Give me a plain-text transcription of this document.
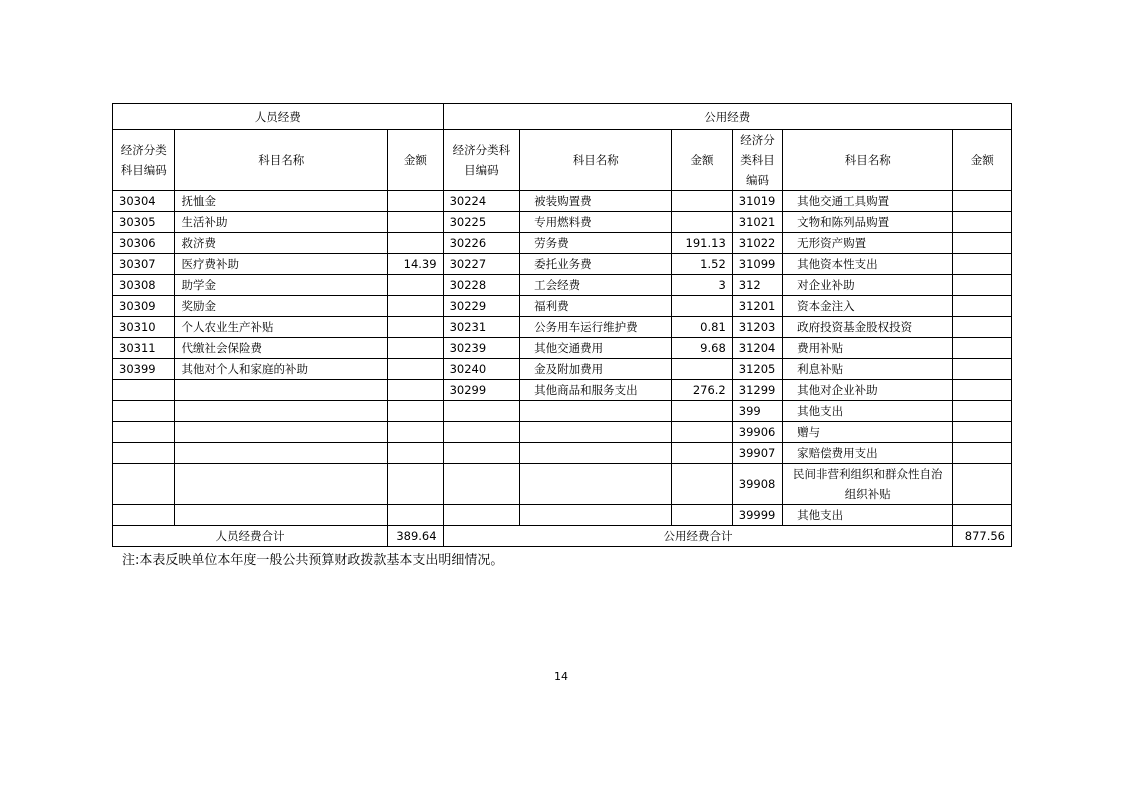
人员经费			公用经费					
经济分类 科目编码	科目名称	金额	经济分类科目编码	科目名称	金额	经济分类科目编码	科目名称	金额
30304	抚恤金		30224	被装购置费		31019	其他交通工具购置	
30305	生活补助		30225	专用燃料费		31021	文物和陈列品购置	
30306	救济费		30226	劳务费	191.13	31022	无形资产购置	
30307	医疗费补助	14.39	30227	委托业务费	1.52	31099	其他资本性支出	
30308	助学金		30228	工会经费	3	312	对企业补助	
30309	奖励金		30229	福利费		31201	资本金注入	
30310	个人农业生产补贴		30231	公务用车运行维护费	0.81	31203	政府投资基金股权投资	
30311	代缴社会保险费		30239	其他交通费用	9.68	31204	费用补贴	
30399	其他对个人和家庭的补助		30240	金及附加费用		31205	利息补贴	
			30299	其他商品和服务支出	276.2	31299	其他对企业补助	
						399	其他支出	
						39906	赠与	
						39907	家赔偿费用支出	
						39908	民间非营利组织和群众性自治组织补贴	
						39999	其他支出	
人员经费合计		389.64	公用经费合计					877.56
注:本表反映单位本年度一般公共预算财政拨款基本支出明细情况。
14
